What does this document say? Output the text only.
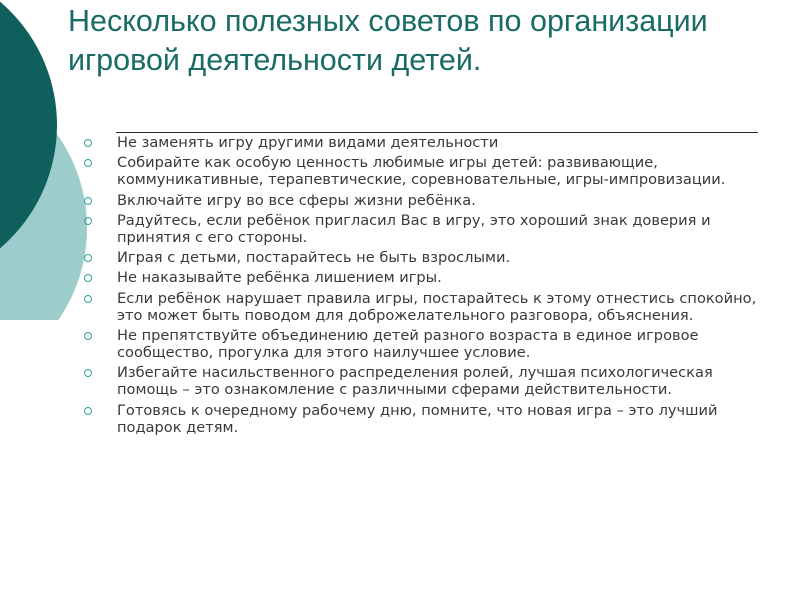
Несколько полезных советов по организации игровой деятельности детей.
Не заменять игру другими видами деятельности
Собирайте как особую ценность любимые игры детей: развивающие, коммуникативные, терапевтические, соревновательные, игры-импровизации.
Включайте игру во все сферы жизни ребёнка.
Радуйтесь, если ребёнок пригласил Вас в игру, это хороший знак доверия и принятия с его стороны.
Играя с детьми, постарайтесь не быть взрослыми.
Не наказывайте ребёнка лишением игры.
Если ребёнок нарушает правила игры, постарайтесь к этому отнестись спокойно, это может быть поводом для доброжелательного разговора, объяснения.
Не препятствуйте объединению детей разного возраста в единое игровое сообщество, прогулка для этого наилучшее условие.
Избегайте насильственного распределения ролей, лучшая психологическая помощь – это ознакомление с различными сферами действительности.
Готовясь к очередному рабочему дню, помните, что новая игра – это лучший подарок детям.
